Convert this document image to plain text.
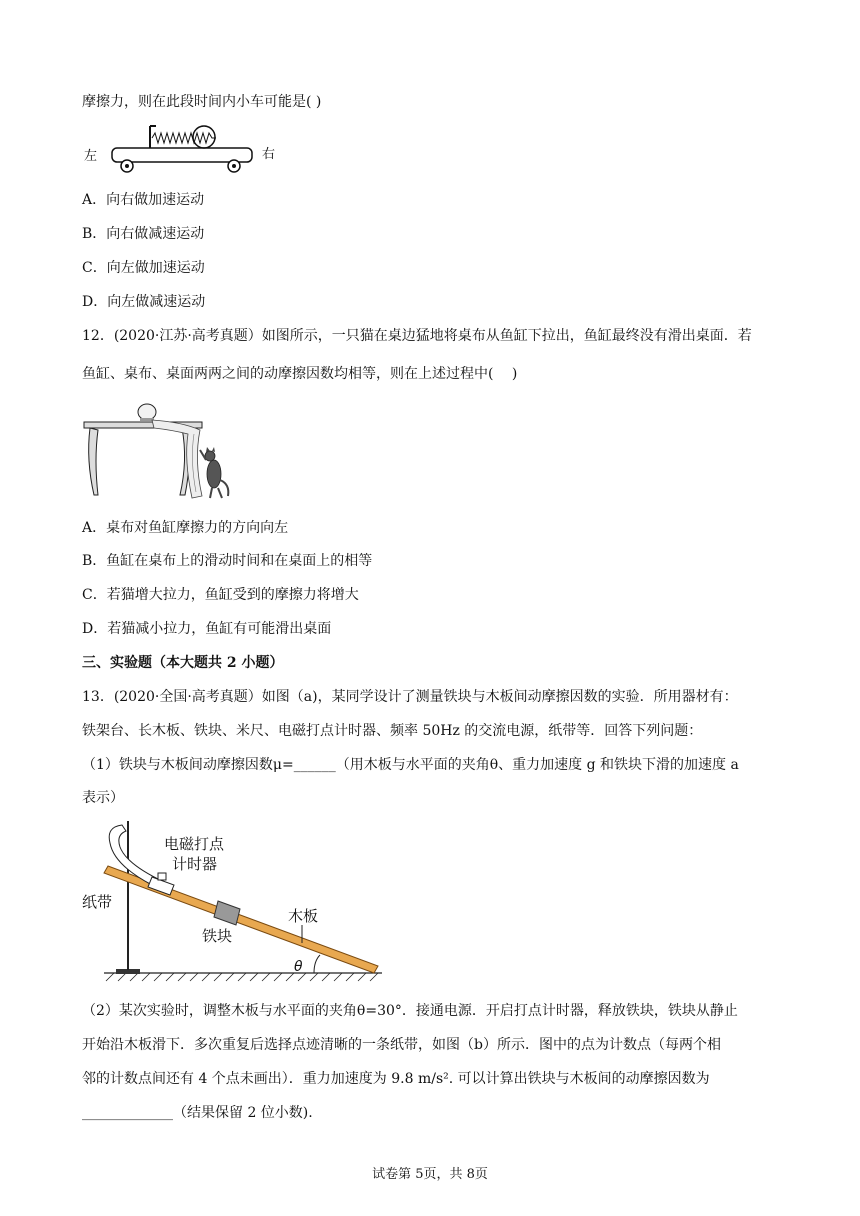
摩擦力，则在此段时间内小车可能是( )
左	右
A．向右做加速运动
B．向右做减速运动
C．向左做加速运动
D．向左做减速运动
12．(2020·江苏·高考真题）如图所示，一只猫在桌边猛地将桌布从鱼缸下拉出，鱼缸最终没有滑出桌面．若
鱼缸、桌布、桌面两两之间的动摩擦因数均相等，则在上述过程中(　 )
A．桌布对鱼缸摩擦力的方向向左
B．鱼缸在桌布上的滑动时间和在桌面上的相等
C．若猫增大拉力，鱼缸受到的摩擦力将增大
D．若猫减小拉力，鱼缸有可能滑出桌面
三、实验题（本大题共 2 小题）
13．(2020·全国·高考真题）如图（a)，某同学设计了测量铁块与木板间动摩擦因数的实验．所用器材有：
铁架台、长木板、铁块、米尺、电磁打点计时器、频率 50Hz 的交流电源，纸带等．回答下列问题：
（1）铁块与木板间动摩擦因数μ=______（用木板与水平面的夹角θ、重力加速度 g 和铁块下滑的加速度 a
表示）
电磁打点
计时器
纸带
木板
铁块
θ
（2）某次实验时，调整木板与水平面的夹角θ=30°．接通电源．开启打点计时器，释放铁块，铁块从静止
开始沿木板滑下．多次重复后选择点迹清晰的一条纸带，如图（b）所示．图中的点为计数点（每两个相
邻的计数点间还有 4 个点未画出）．重力加速度为 9.8 m/s². 可以计算出铁块与木板间的动摩擦因数为
_____________（结果保留 2 位小数).
试卷第 5页，共 8页
